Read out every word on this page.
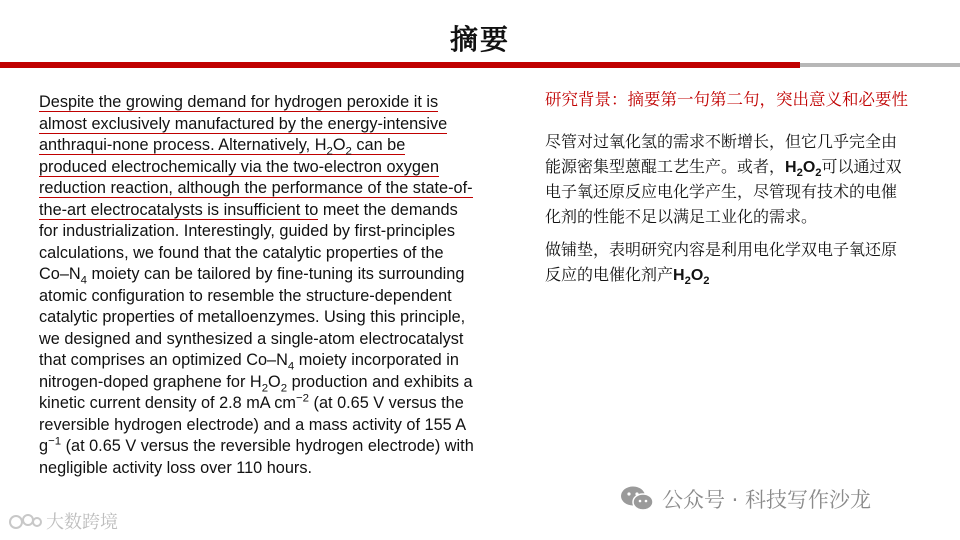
摘要
Despite the growing demand for hydrogen peroxide it is
almost exclusively manufactured by the energy-intensive
anthraqui-none process. Alternatively, $H_2O_2$ can be
produced electrochemically via the two-electron oxygen
reduction reaction, although the performance of the state-of-
the-art electrocatalysts is insufficient to meet the demands
for industrialization. Interestingly, guided by first-principles
calculations, we found that the catalytic properties of the
$Co-N_4$ moiety can be tailored by fine-tuning its surrounding
atomic configuration to resemble the structure-dependent
catalytic properties of metalloenzymes. Using this principle,
we designed and synthesized a single-atom electrocatalyst
that comprises an optimized $Co-N_4$ moiety incorporated in
nitrogen-doped graphene for $H_2O_2$ production and exhibits a
kinetic current density of 2.8 mA $cm^{-2}$ (at 0.65 V versus the
reversible hydrogen electrode) and a mass activity of 155 A
$g^{-1}$ (at 0.65 V versus the reversible hydrogen electrode) with
negligible activity loss over 110 hours.
研究背景：摘要第一句第二句，突出意义和必要性
尽管对过氧化氢的需求不断增长，但它几乎完全由
能源密集型蒽醌工艺生产。或者，$H_2O_2$可以通过双
电子氧还原反应电化学产生，尽管现有技术的电催
化剂的性能不足以满足工业化的需求。
做铺垫，表明研究内容是利用电化学双电子氧还原
反应的电催化剂产$H_2O_2$
大数跨境
公众号 · 科技写作沙龙
